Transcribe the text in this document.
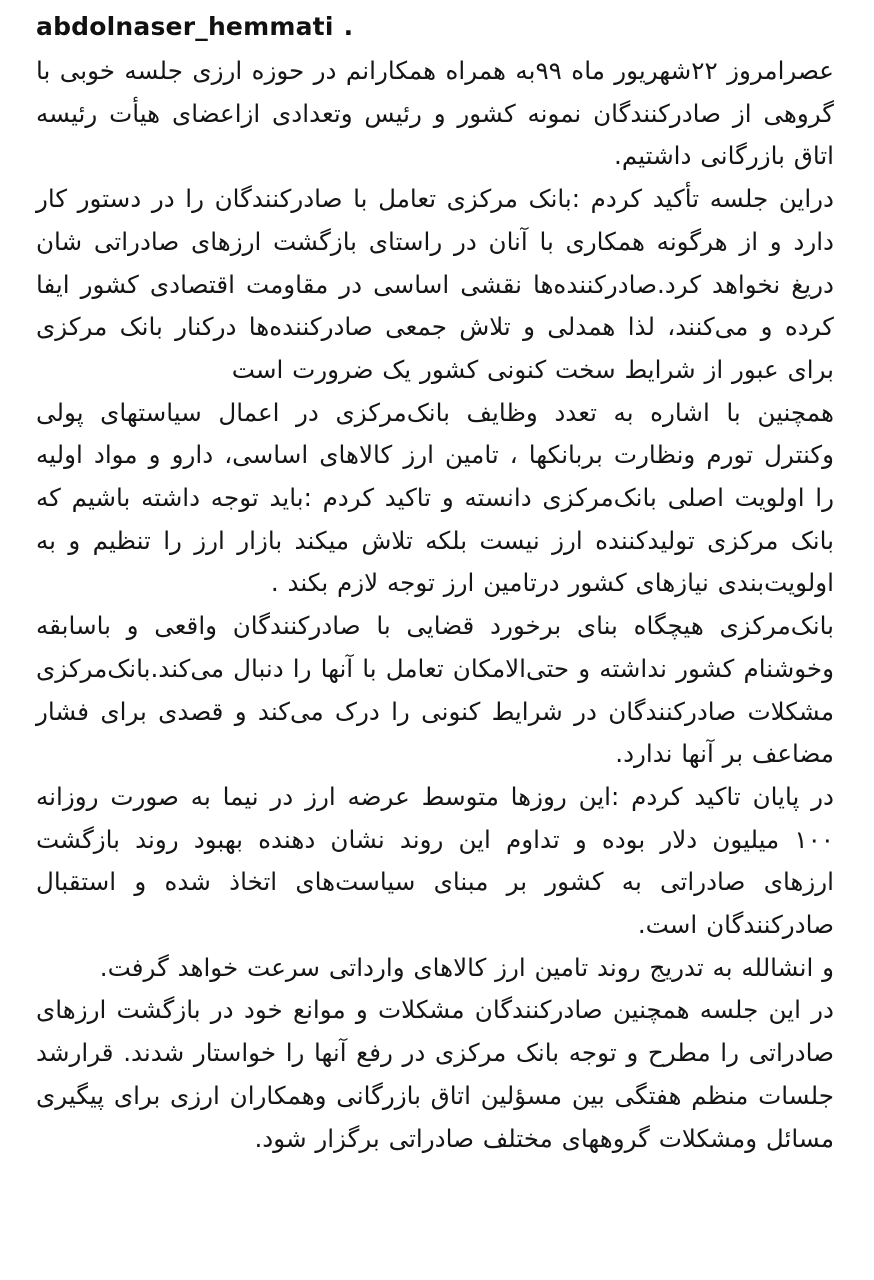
abdolnaser_hemmati .

عصرامروز ۲۲شهریور ماه ۹۹به همراه همکارانم در حوزه ارزی جلسه خوبی با گروهی از صادرکنندگان نمونه کشور و رئیس وتعدادی ازاعضای هیأت رئیسه اتاق بازرگانی داشتیم.

دراین جلسه تأکید کردم :بانک مرکزی تعامل با صادرکنندگان را در دستور کار دارد و از هرگونه همکاری با آنان در راستای بازگشت ارزهای صادراتی شان دریغ نخواهد کرد.صادرکننده‌ها نقشی اساسی در مقاومت اقتصادی کشور ایفا کرده و می‌کنند، لذا همدلی و تلاش جمعی صادرکننده‌ها درکنار بانک مرکزی برای عبور از شرایط سخت کنونی کشور یک ضرورت است

همچنین با اشاره به تعدد وظایف بانک‌مرکزی در اعمال سیاستهای پولی وکنترل تورم ونظارت بربانکها ، تامین ارز کالاهای اساسی، دارو و مواد اولیه را اولویت اصلی بانک‌مرکزی دانسته و تاکید کردم :باید توجه داشته باشیم که بانک مرکزی تولیدکننده ارز نیست بلکه تلاش میکند بازار ارز را تنظیم و به اولویت‌بندی نیازهای کشور درتامین ارز توجه لازم بکند .

بانک‌مرکزی هیچگاه بنای برخورد قضایی با صادرکنندگان واقعی و باسابقه وخوشنام کشور نداشته و حتی‌الامکان تعامل با آنها را دنبال می‌کند.بانک‌مرکزی مشکلات صادرکنندگان در شرایط کنونی را درک می‌کند و قصدی برای فشار مضاعف بر آنها ندارد.

در پایان تاکید کردم :این روزها متوسط عرضه ارز در نیما به صورت روزانه ۱۰۰ میلیون دلار بوده و تداوم این روند نشان دهنده بهبود روند بازگشت ارزهای صادراتی به کشور بر مبنای سیاست‌های اتخاذ شده و استقبال صادرکنندگان است.

و انشالله به تدریج روند تامین ارز کالاهای وارداتی سرعت خواهد گرفت.

در این جلسه همچنین صادرکنندگان مشکلات و موانع خود در بازگشت ارزهای صادراتی را مطرح و توجه بانک مرکزی در رفع آنها را خواستار شدند. قرارشد جلسات منظم هفتگی بین مسؤلین اتاق بازرگانی وهمکاران ارزی برای پیگیری مسائل ومشکلات گروههای مختلف صادراتی برگزار شود.
